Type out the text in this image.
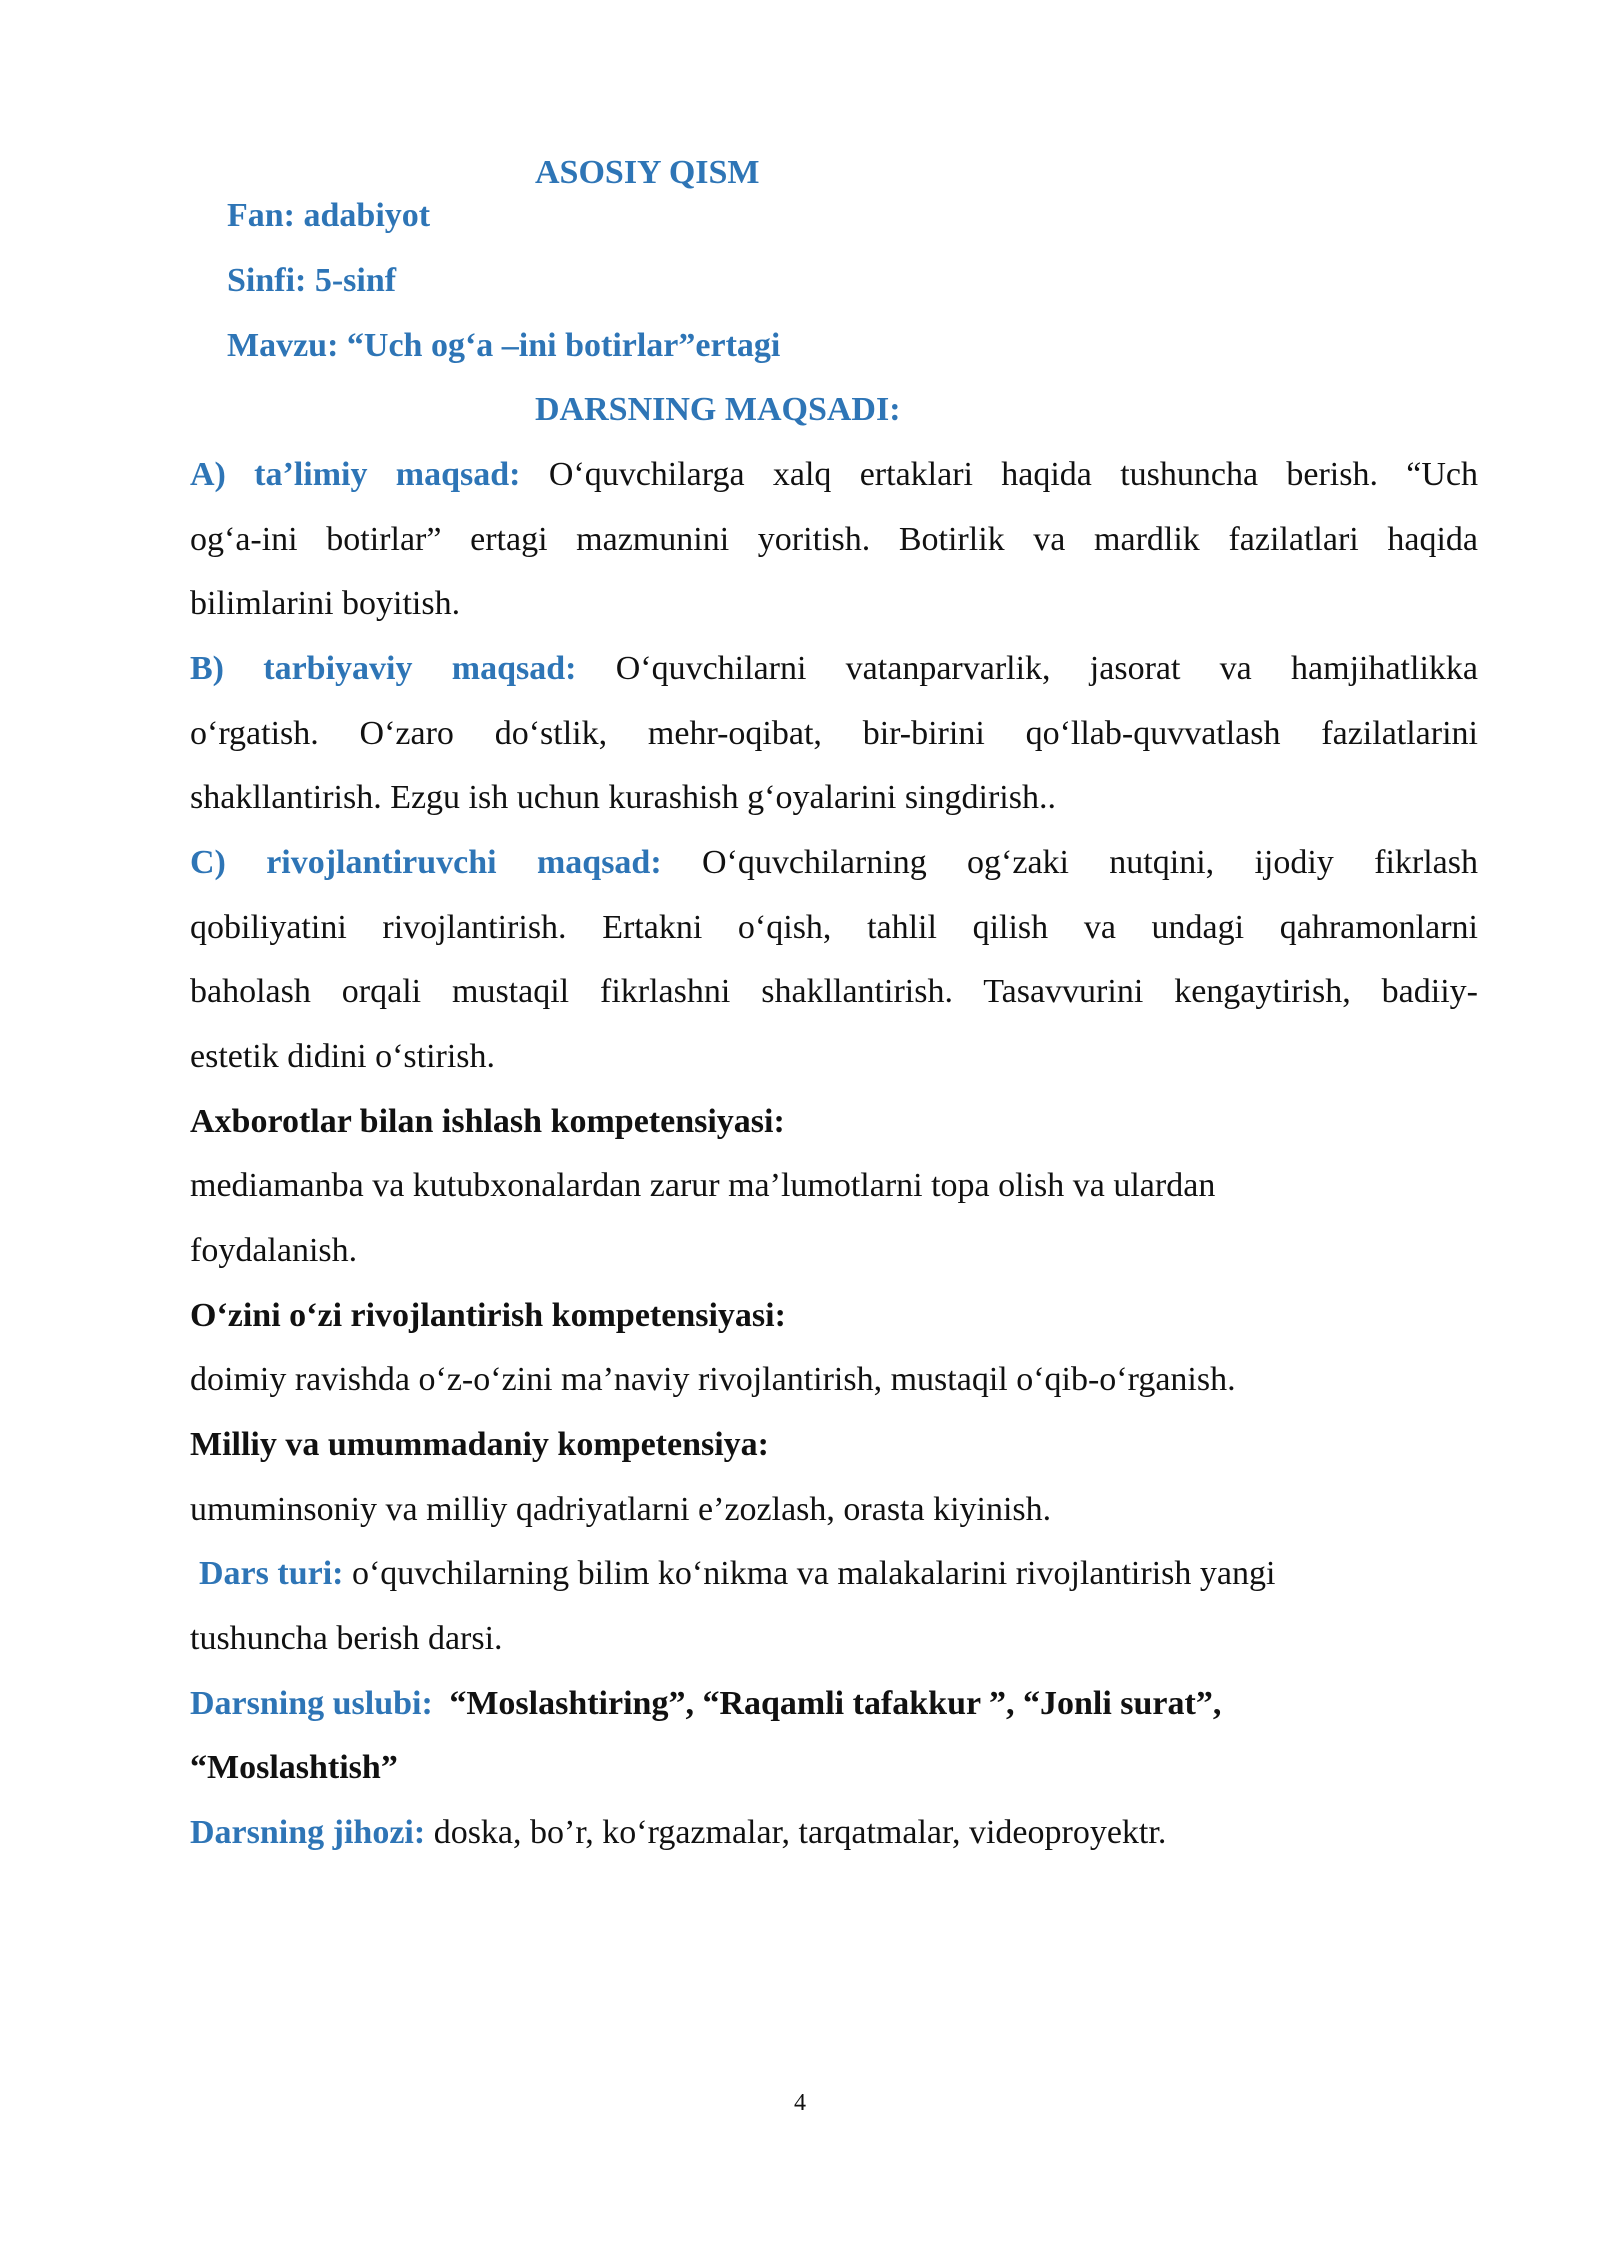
ASOSIY QISM
Fan: adabiyot
Sinfi: 5-sinf
Mavzu: “Uch og‘a –ini botirlar”ertagi
DARSNING MAQSADI:
A) ta’limiy maqsad: O‘quvchilarga xalq ertaklari haqida tushuncha berish. “Uch
og‘a-ini botirlar” ertagi mazmunini yoritish. Botirlik va mardlik fazilatlari haqida
bilimlarini boyitish.
B) tarbiyaviy maqsad: O‘quvchilarni vatanparvarlik, jasorat va hamjihatlikka
o‘rgatish. O‘zaro do‘stlik, mehr-oqibat, bir-birini qo‘llab-quvvatlash fazilatlarini
shakllantirish. Ezgu ish uchun kurashish g‘oyalarini singdirish..
C) rivojlantiruvchi maqsad: O‘quvchilarning og‘zaki nutqini, ijodiy fikrlash
qobiliyatini rivojlantirish. Ertakni o‘qish, tahlil qilish va undagi qahramonlarni
baholash orqali mustaqil fikrlashni shakllantirish. Tasavvurini kengaytirish, badiiy-
estetik didini o‘stirish.
Axborotlar bilan ishlash kompetensiyasi:
mediamanba va kutubxonalardan zarur ma’lumotlarni topa olish va ulardan
foydalanish.
O‘zini o‘zi rivojlantirish kompetensiyasi:
doimiy ravishda o‘z-o‘zini ma’naviy rivojlantirish, mustaqil o‘qib-o‘rganish.
Milliy va umummadaniy kompetensiya:
umuminsoniy va milliy qadriyatlarni e’zozlash, orasta kiyinish.
Dars turi: o‘quvchilarning bilim ko‘nikma va malakalarini rivojlantirish yangi
tushuncha berish darsi.
Darsning uslubi: “Moslashtiring”, “Raqamli tafakkur ”, “Jonli surat”,
“Moslashtish”
Darsning jihozi: doska, bo’r, ko‘rgazmalar, tarqatmalar, videoproyektr.
4
